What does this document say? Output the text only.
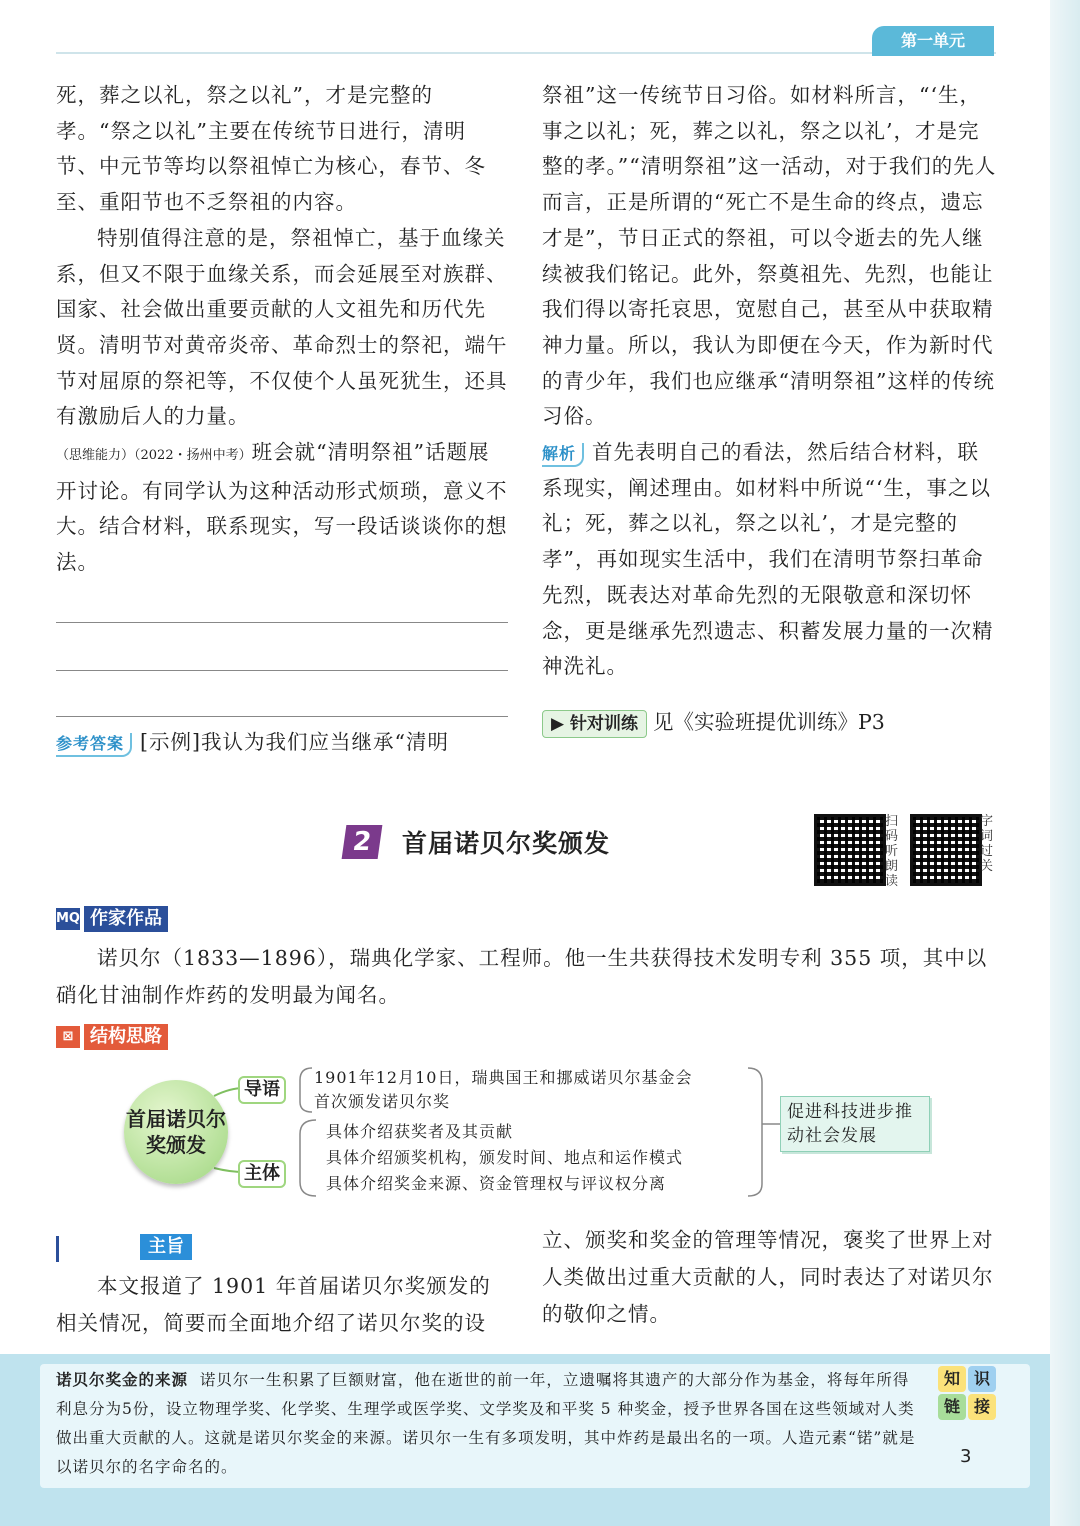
第一单元

死，葬之以礼，祭之以礼”，才是完整的孝。“祭之以礼”主要在传统节日进行，清明节、中元节等均以祭祖悼亡为核心，春节、冬至、重阳节也不乏祭祖的内容。

特别值得注意的是，祭祖悼亡，基于血缘关系，但又不限于血缘关系，而会延展至对族群、国家、社会做出重要贡献的人文祖先和历代先贤。清明节对黄帝炎帝、革命烈士的祭祀，端午节对屈原的祭祀等，不仅使个人虽死犹生，还具有激励后人的力量。

（思维能力）（2022・扬州中考）班会就“清明祭祖”话题展开讨论。有同学认为这种活动形式烦琐，意义不大。结合材料，联系现实，写一段话谈谈你的想法。

参考答案 [示例]我认为我们应当继承“清明

祭祖”这一传统节日习俗。如材料所言，“‘生，事之以礼；死，葬之以礼，祭之以礼’，才是完整的孝。”“清明祭祖”这一活动，对于我们的先人而言，正是所谓的“死亡不是生命的终点，遗忘才是”，节日正式的祭祖，可以令逝去的先人继续被我们铭记。此外，祭奠祖先、先烈，也能让我们得以寄托哀思，宽慰自己，甚至从中获取精神力量。所以，我认为即便在今天，作为新时代的青少年，我们也应继承“清明祭祖”这样的传统习俗。

解析 首先表明自己的看法，然后结合材料，联系现实，阐述理由。如材料中所说“‘生，事之以礼；死，葬之以礼，祭之以礼’，才是完整的孝”，再如现实生活中，我们在清明节祭扫革命先烈，既表达对革命先烈的无限敬意和深切怀念，更是继承先烈遗志、积蓄发展力量的一次精神洗礼。

▶ 针对训练 见《实验班提优训练》P3
2	首届诺贝尔奖颁发
扫码听朗读
字词过关
MQ 作家作品
诺贝尔（1833—1896），瑞典化学家、工程师。他一生共获得技术发明专利 355 项，其中以硝化甘油制作炸药的发明最为闻名。
⊠ 结构思路
首届诺贝尔奖颁发
导语
主体
1901年12月10日，瑞典国王和挪威诺贝尔基金会
首次颁发诺贝尔奖
具体介绍获奖者及其贡献
具体介绍颁奖机构，颁发时间、地点和运作模式
具体介绍奖金来源、资金管理权与评议权分离
促进科技进步推动社会发展
主旨
本文报道了 1901 年首届诺贝尔奖颁发的相关情况，简要而全面地介绍了诺贝尔奖的设
立、颁奖和奖金的管理等情况，褒奖了世界上对人类做出过重大贡献的人，同时表达了对诺贝尔的敬仰之情。
诺贝尔奖金的来源 诺贝尔一生积累了巨额财富，他在逝世的前一年，立遗嘱将其遗产的大部分作为基金，将每年所得利息分为5份，设立物理学奖、化学奖、生理学或医学奖、文学奖及和平奖 5 种奖金，授予世界各国在这些领域对人类做出重大贡献的人。这就是诺贝尔奖金的来源。诺贝尔一生有多项发明，其中炸药是最出名的一项。人造元素“锘”就是以诺贝尔的名字命名的。
知 识
链 接
3
